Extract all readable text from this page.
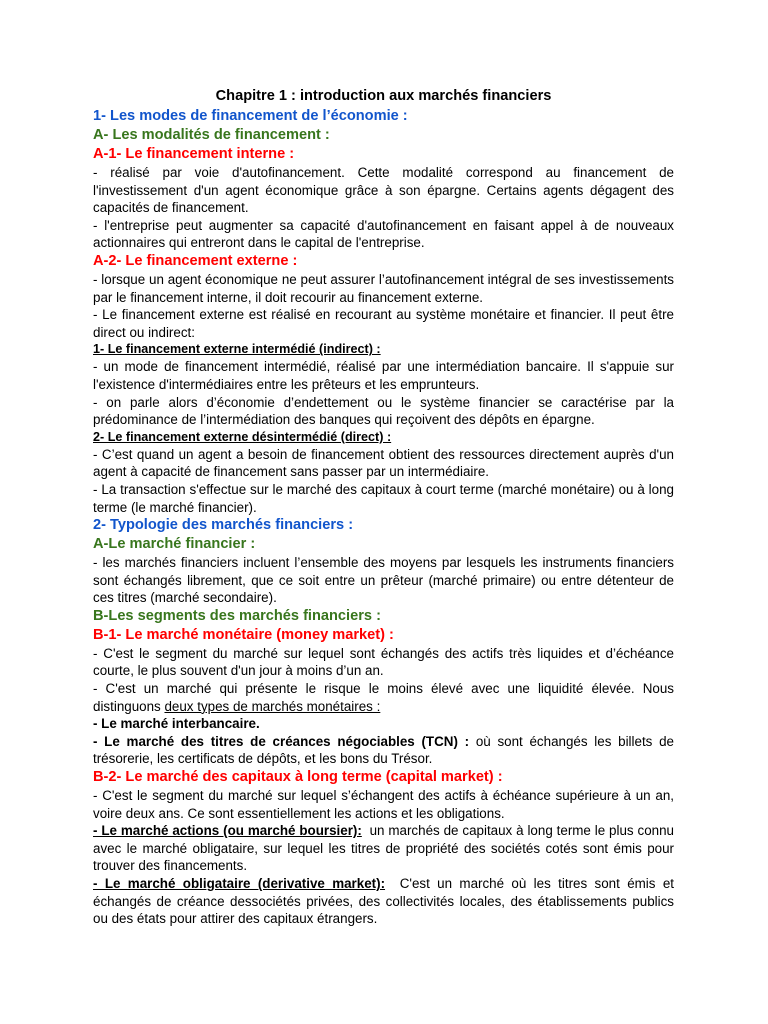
Chapitre 1 : introduction aux marchés financiers
1- Les modes de financement de l’économie :
A- Les modalités de financement :
A-1- Le financement interne :
- réalisé par voie d'autofinancement. Cette modalité correspond au financement de l'investissement d'un agent économique grâce à son épargne. Certains agents dégagent des capacités de financement.
- l'entreprise peut augmenter sa capacité d'autofinancement en faisant appel à de nouveaux actionnaires qui entreront dans le capital de l'entreprise.
A-2- Le financement externe :
- lorsque un agent économique ne peut assurer l’autofinancement intégral de ses investissements par le financement interne, il doit recourir au financement externe.
- Le financement externe est réalisé en recourant au système monétaire et financier. Il peut être direct ou indirect:
1- Le financement externe intermédié (indirect) :
- un mode de financement intermédié, réalisé par une intermédiation bancaire. Il s'appuie sur l'existence d'intermédiaires entre les prêteurs et les emprunteurs.
- on parle alors d’économie d’endettement ou le système financier se caractérise par la prédominance de l’intermédiation des banques qui reçoivent des dépôts en épargne.
2- Le financement externe désintermédié (direct) :
- C’est quand un agent a besoin de financement obtient des ressources directement auprès d'un agent à capacité de financement sans passer par un intermédiaire.
- La transaction s'effectue sur le marché des capitaux à court terme (marché monétaire) ou à long terme (le marché financier).
2- Typologie des marchés financiers :
A-Le marché financier :
- les marchés financiers incluent l’ensemble des moyens par lesquels les instruments financiers sont échangés librement, que ce soit entre un prêteur (marché primaire) ou entre détenteur de ces titres (marché secondaire).
B-Les segments des marchés financiers :
B-1- Le marché monétaire (money market) :
- C'est le segment du marché sur lequel sont échangés des actifs très liquides et d’échéance courte, le plus souvent d'un jour à moins d’un an.
- C'est un marché qui présente le risque le moins élevé avec une liquidité élevée. Nous distinguons deux types de marchés monétaires :
- Le marché interbancaire.
- Le marché des titres de créances négociables (TCN) : où sont échangés les billets de trésorerie, les certificats de dépôts, et les bons du Trésor.
B-2- Le marché des capitaux à long terme (capital market) :
- C'est le segment du marché sur lequel s’échangent des actifs à échéance supérieure à un an, voire deux ans. Ce sont essentiellement les actions et les obligations.
- Le marché actions (ou marché boursier):  un marchés de capitaux à long terme le plus connu avec le marché obligataire, sur lequel les titres de propriété des sociétés cotés sont émis pour trouver des financements.
- Le marché obligataire (derivative market):  C'est un marché où les titres sont émis et échangés de créance dessociétés privées, des collectivités locales, des établissements publics ou des états pour attirer des capitaux étrangers.
